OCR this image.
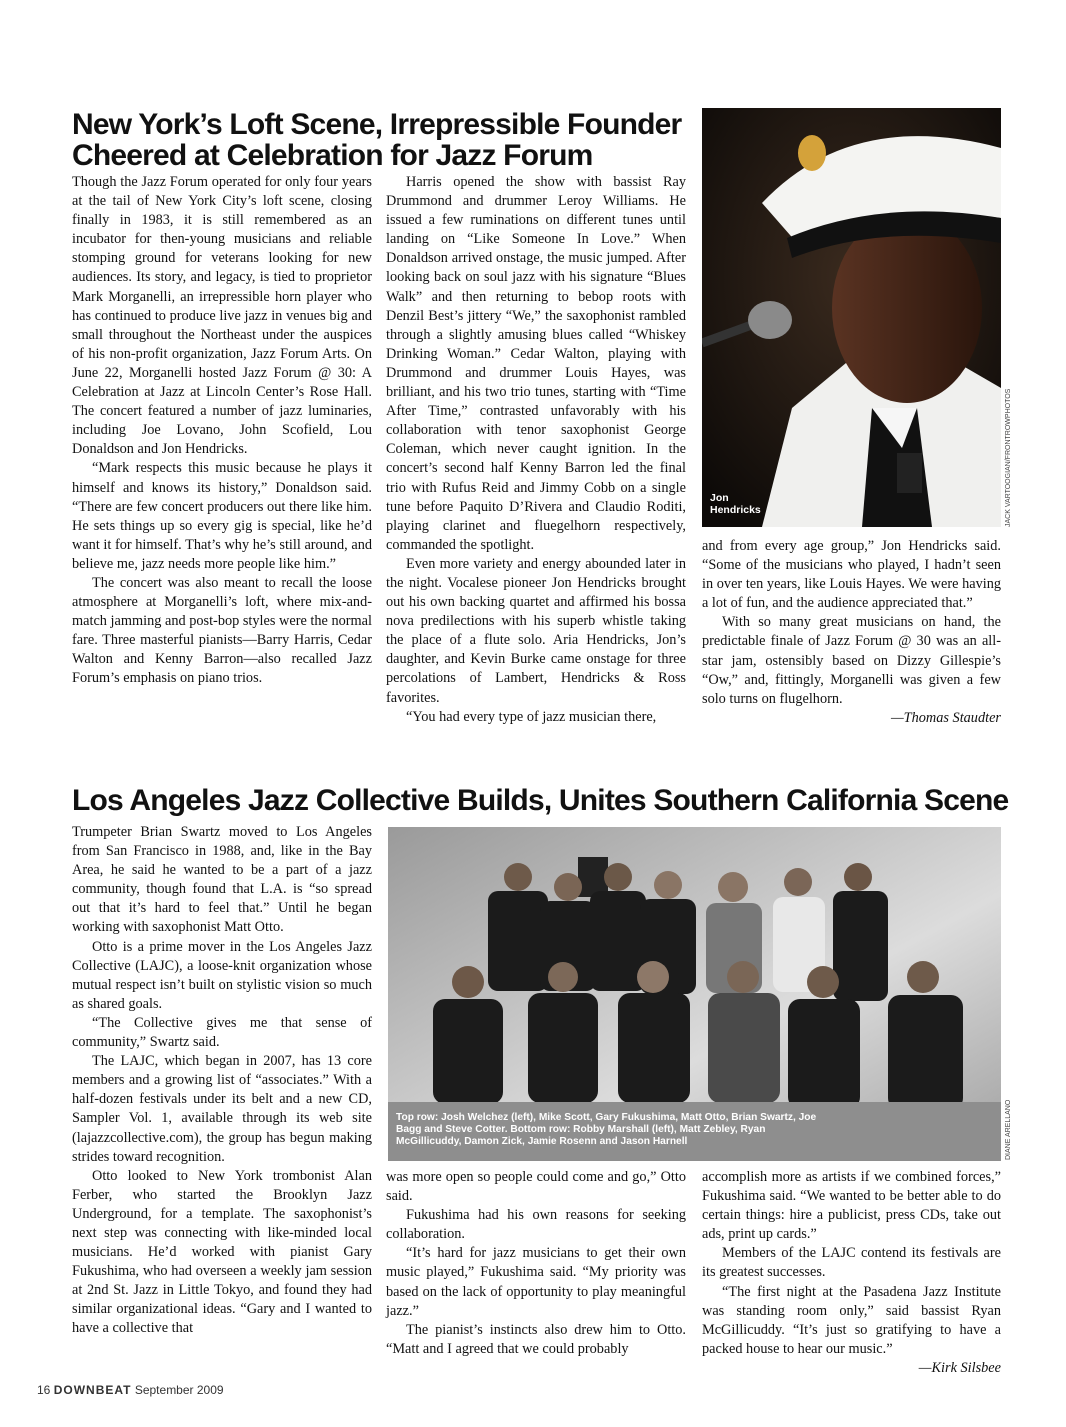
New York’s Loft Scene, Irrepressible Founder Cheered at Celebration for Jazz Forum

Though the Jazz Forum operated for only four years at the tail of New York City’s loft scene, closing finally in 1983, it is still remembered as an incubator for then-young musicians and reliable stomping ground for veterans looking for new audiences. Its story, and legacy, is tied to proprietor Mark Morganelli, an irrepressible horn player who has continued to produce live jazz in venues big and small throughout the Northeast under the auspices of his non-profit organization, Jazz Forum Arts. On June 22, Morganelli hosted Jazz Forum @ 30: A Celebration at Jazz at Lincoln Center’s Rose Hall. The concert featured a number of jazz luminaries, including Joe Lovano, John Scofield, Lou Donaldson and Jon Hendricks.

“Mark respects this music because he plays it himself and knows its history,” Donaldson said. “There are few concert producers out there like him. He sets things up so every gig is special, like he’d want it for himself. That’s why he’s still around, and believe me, jazz needs more people like him.”

The concert was also meant to recall the loose atmosphere at Morganelli’s loft, where mix-and-match jamming and post-bop styles were the normal fare. Three masterful pianists—Barry Harris, Cedar Walton and Kenny Barron—also recalled Jazz Forum’s emphasis on piano trios.

Harris opened the show with bassist Ray Drummond and drummer Leroy Williams. He issued a few ruminations on different tunes until landing on “Like Someone In Love.” When Donaldson arrived onstage, the music jumped. After looking back on soul jazz with his signature “Blues Walk” and then returning to bebop roots with Denzil Best’s jittery “We,” the saxophonist rambled through a slightly amusing blues called “Whiskey Drinking Woman.” Cedar Walton, playing with Drummond and drummer Louis Hayes, was brilliant, and his two trio tunes, starting with “Time After Time,” contrasted unfavorably with his collaboration with tenor saxophonist George Coleman, which never caught ignition. In the concert’s second half Kenny Barron led the final trio with Rufus Reid and Jimmy Cobb on a single tune before Paquito D’Rivera and Claudio Roditi, playing clarinet and fluegelhorn respectively, commanded the spotlight.

Even more variety and energy abounded later in the night. Vocalese pioneer Jon Hendricks brought out his own backing quartet and affirmed his bossa nova predilections with his superb whistle taking the place of a flute solo. Aria Hendricks, Jon’s daughter, and Kevin Burke came onstage for three percolations of Lambert, Hendricks & Ross favorites.

“You had every type of jazz musician there,

Jon
Hendricks	JACK VARTOOGIAN/FRONTROWPHOTOS

and from every age group,” Jon Hendricks said. “Some of the musicians who played, I hadn’t seen in over ten years, like Louis Hayes. We were having a lot of fun, and the audience appreciated that.”

With so many great musicians on hand, the predictable finale of Jazz Forum @ 30 was an all-star jam, ostensibly based on Dizzy Gillespie’s “Ow,” and, fittingly, Morganelli was given a few solo turns on flugelhorn.

—Thomas Staudter

Los Angeles Jazz Collective Builds, Unites Southern California Scene

Trumpeter Brian Swartz moved to Los Angeles from San Francisco in 1988, and, like in the Bay Area, he said he wanted to be a part of a jazz community, though found that L.A. is “so spread out that it’s hard to feel that.” Until he began working with saxophonist Matt Otto.

Otto is a prime mover in the Los Angeles Jazz Collective (LAJC), a loose-knit organization whose mutual respect isn’t built on stylistic vision so much as shared goals.

“The Collective gives me that sense of community,” Swartz said.

The LAJC, which began in 2007, has 13 core members and a growing list of “associates.” With a half-dozen festivals under its belt and a new CD, Sampler Vol. 1, available through its web site (lajazzcollective.com), the group has begun making strides toward recognition.

Otto looked to New York trombonist Alan Ferber, who started the Brooklyn Jazz Underground, for a template. The saxophonist’s next step was connecting with like-minded local musicians. He’d worked with pianist Gary Fukushima, who had overseen a weekly jam session at 2nd St. Jazz in Little Tokyo, and found they had similar organizational ideas. “Gary and I wanted to have a collective that

Top row: Josh Welchez (left), Mike Scott, Gary Fukushima, Matt Otto, Brian Swartz, Joe Bagg and Steve Cotter. Bottom row: Robby Marshall (left), Matt Zebley, Ryan McGillicuddy, Damon Zick, Jamie Rosenn and Jason Harnell	DIANE ARELLANO

was more open so people could come and go,” Otto said.

Fukushima had his own reasons for seeking collaboration.

“It’s hard for jazz musicians to get their own music played,” Fukushima said. “My priority was based on the lack of opportunity to play meaningful jazz.”

The pianist’s instincts also drew him to Otto. “Matt and I agreed that we could probably

accomplish more as artists if we combined forces,” Fukushima said. “We wanted to be better able to do certain things: hire a publicist, press CDs, take out ads, print up cards.”

Members of the LAJC contend its festivals are its greatest successes.

“The first night at the Pasadena Jazz Institute was standing room only,” said bassist Ryan McGillicuddy. “It’s just so gratifying to have a packed house to hear our music.”

—Kirk Silsbee

16 DOWNBEAT September 2009
